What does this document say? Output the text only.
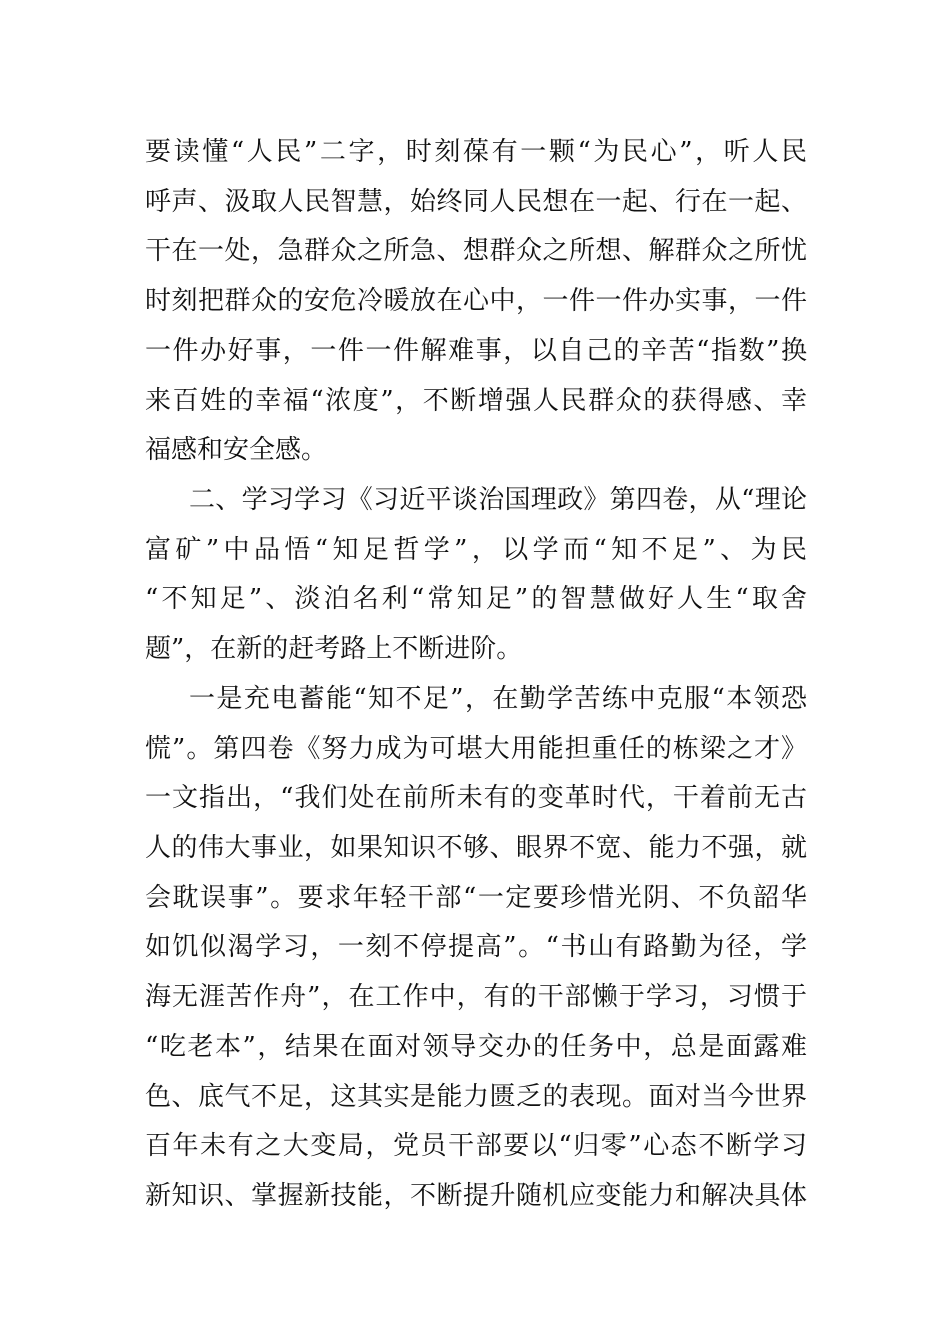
要读懂“人民”二字，时刻葆有一颗“为民心”，听人民
呼声、汲取人民智慧，始终同人民想在一起、行在一起、
干在一处，急群众之所急、想群众之所想、解群众之所忧
时刻把群众的安危冷暖放在心中，一件一件办实事，一件
一件办好事，一件一件解难事，以自己的辛苦“指数”换
来百姓的幸福“浓度”，不断增强人民群众的获得感、幸
福感和安全感。
二、学习学习《习近平谈治国理政》第四卷，从“理论
富矿”中品悟“知足哲学”，以学而“知不足”、为民
“不知足”、淡泊名利“常知足”的智慧做好人生“取舍
题”，在新的赶考路上不断进阶。
一是充电蓄能“知不足”，在勤学苦练中克服“本领恐
慌”。第四卷《努力成为可堪大用能担重任的栋梁之才》
一文指出，“我们处在前所未有的变革时代，干着前无古
人的伟大事业，如果知识不够、眼界不宽、能力不强，就
会耽误事”。要求年轻干部“一定要珍惜光阴、不负韶华
如饥似渴学习，一刻不停提高”。“书山有路勤为径，学
海无涯苦作舟”，在工作中，有的干部懒于学习，习惯于
“吃老本”，结果在面对领导交办的任务中，总是面露难
色、底气不足，这其实是能力匮乏的表现。面对当今世界
百年未有之大变局，党员干部要以“归零”心态不断学习
新知识、掌握新技能，不断提升随机应变能力和解决具体
